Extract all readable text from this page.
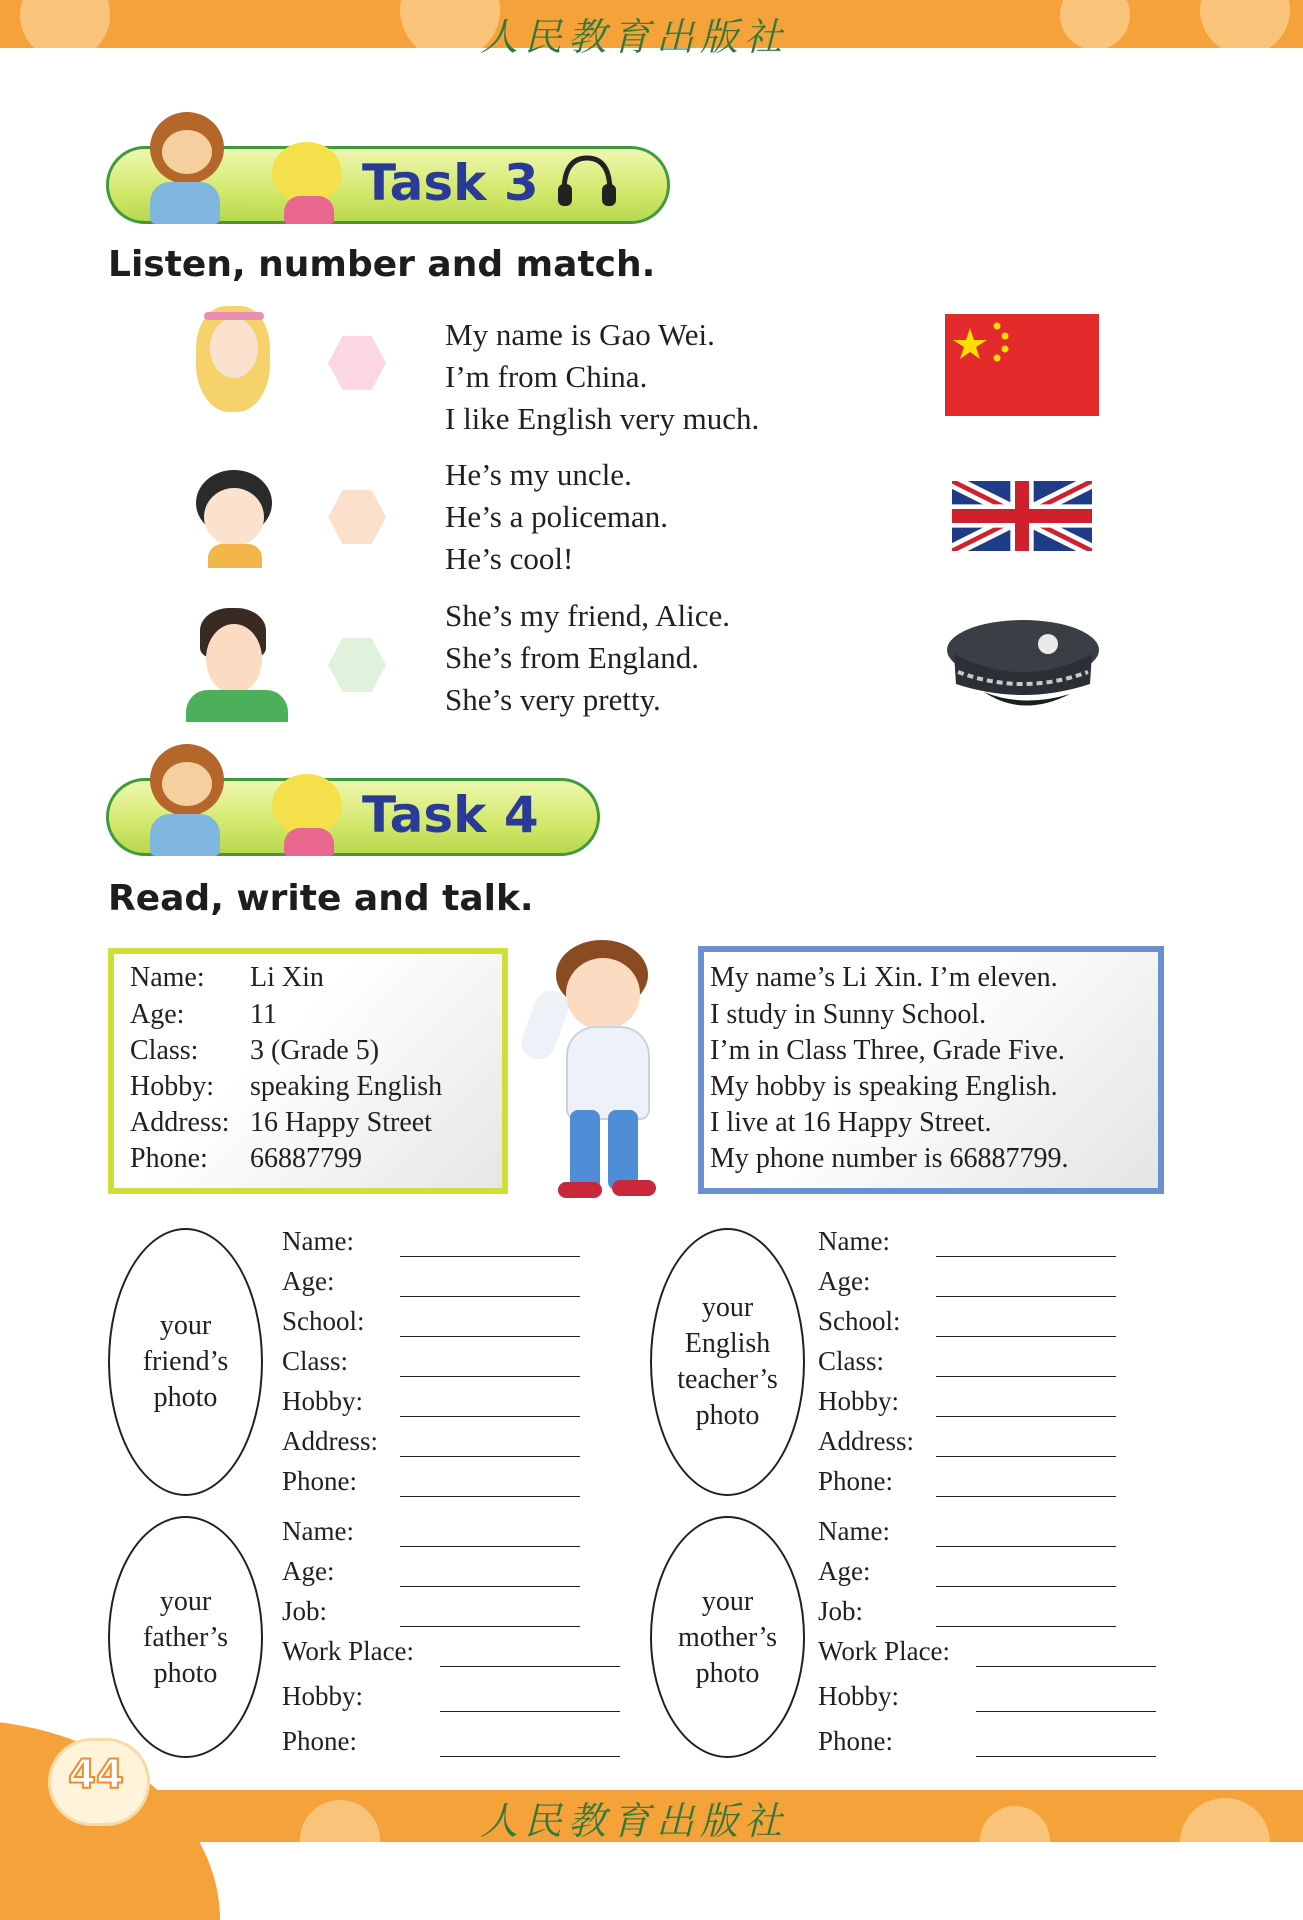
人民教育出版社
Task 3
Listen, number and match.
My name is Gao Wei.
I’m from China.
I like English very much.
He’s my uncle.
He’s a policeman.
He’s cool!
She’s my friend, Alice.
She’s from England.
She’s very pretty.
Task 4
Read, write and talk.
Name: Li Xin
Age: 11
Class: 3 (Grade 5)
Hobby: speaking English
Address: 16 Happy Street
Phone: 66887799
My name’s Li Xin. I’m eleven.
I study in Sunny School.
I’m in Class Three, Grade Five.
My hobby is speaking English.
I live at 16 Happy Street.
My phone number is 66887799.
your
friend’s
photo
Name:
Age:
School:
Class:
Hobby:
Address:
Phone:
your
English
teacher’s
photo
Name:
Age:
School:
Class:
Hobby:
Address:
Phone:
your
father’s
photo
Name:
Age:
Job:
Work Place:
Hobby:
Phone:
your
mother’s
photo
Name:
Age:
Job:
Work Place:
Hobby:
Phone:
人民教育出版社
44
